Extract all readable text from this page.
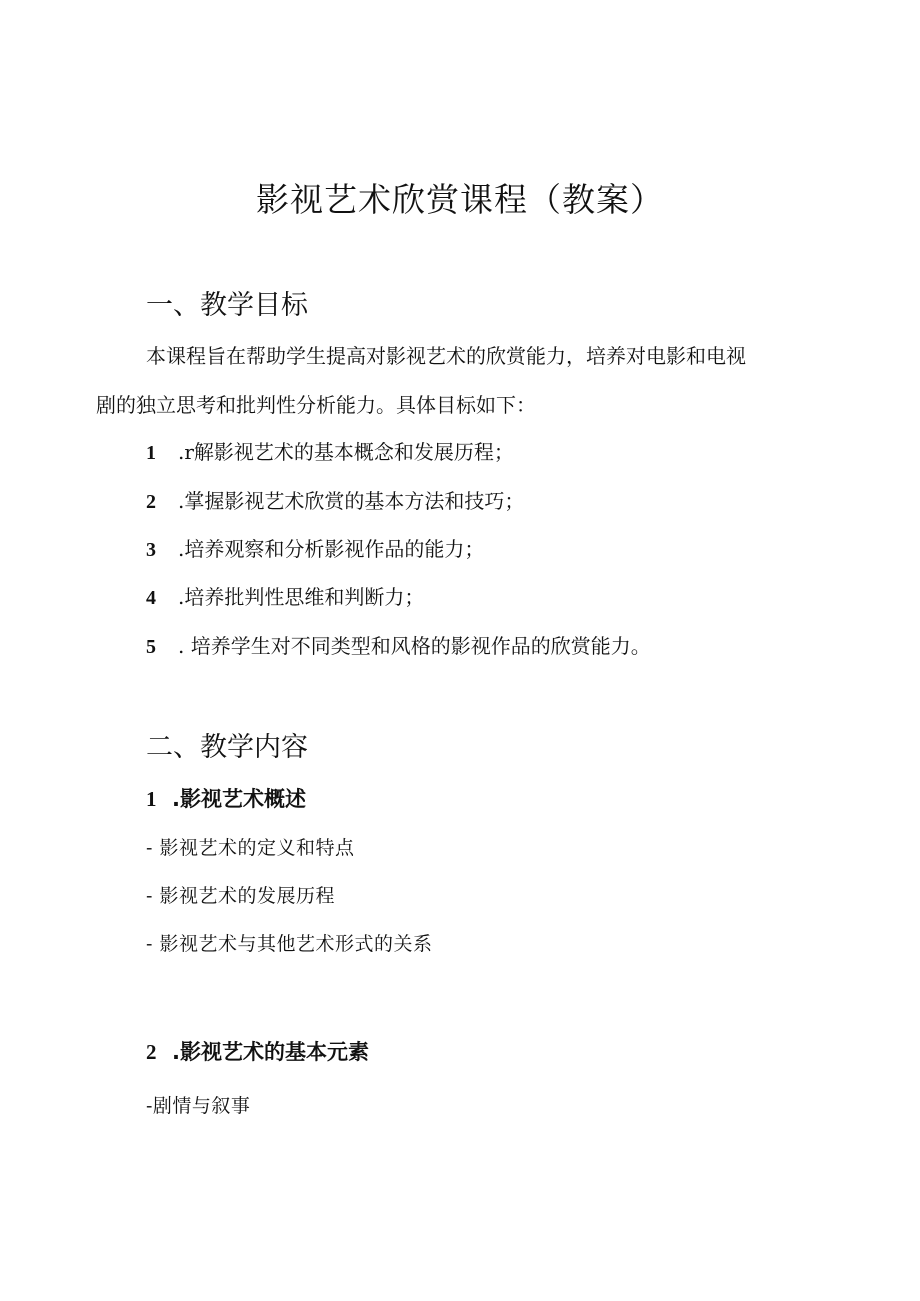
影视艺术欣赏课程（教案）
一、教学目标

本课程旨在帮助学生提高对影视艺术的欣赏能力，培养对电影和电视

剧的独立思考和批判性分析能力。具体目标如下：

1 .r解影视艺术的基本概念和发展历程；

2 .掌握影视艺术欣赏的基本方法和技巧；

3 .培养观察和分析影视作品的能力；

4 .培养批判性思维和判断力；

5 . 培养学生对不同类型和风格的影视作品的欣赏能力。

二、教学内容
1 .影视艺术概述

- 影视艺术的定义和特点

- 影视艺术的发展历程

- 影视艺术与其他艺术形式的关系

2 .影视艺术的基本元素

-剧情与叙事
